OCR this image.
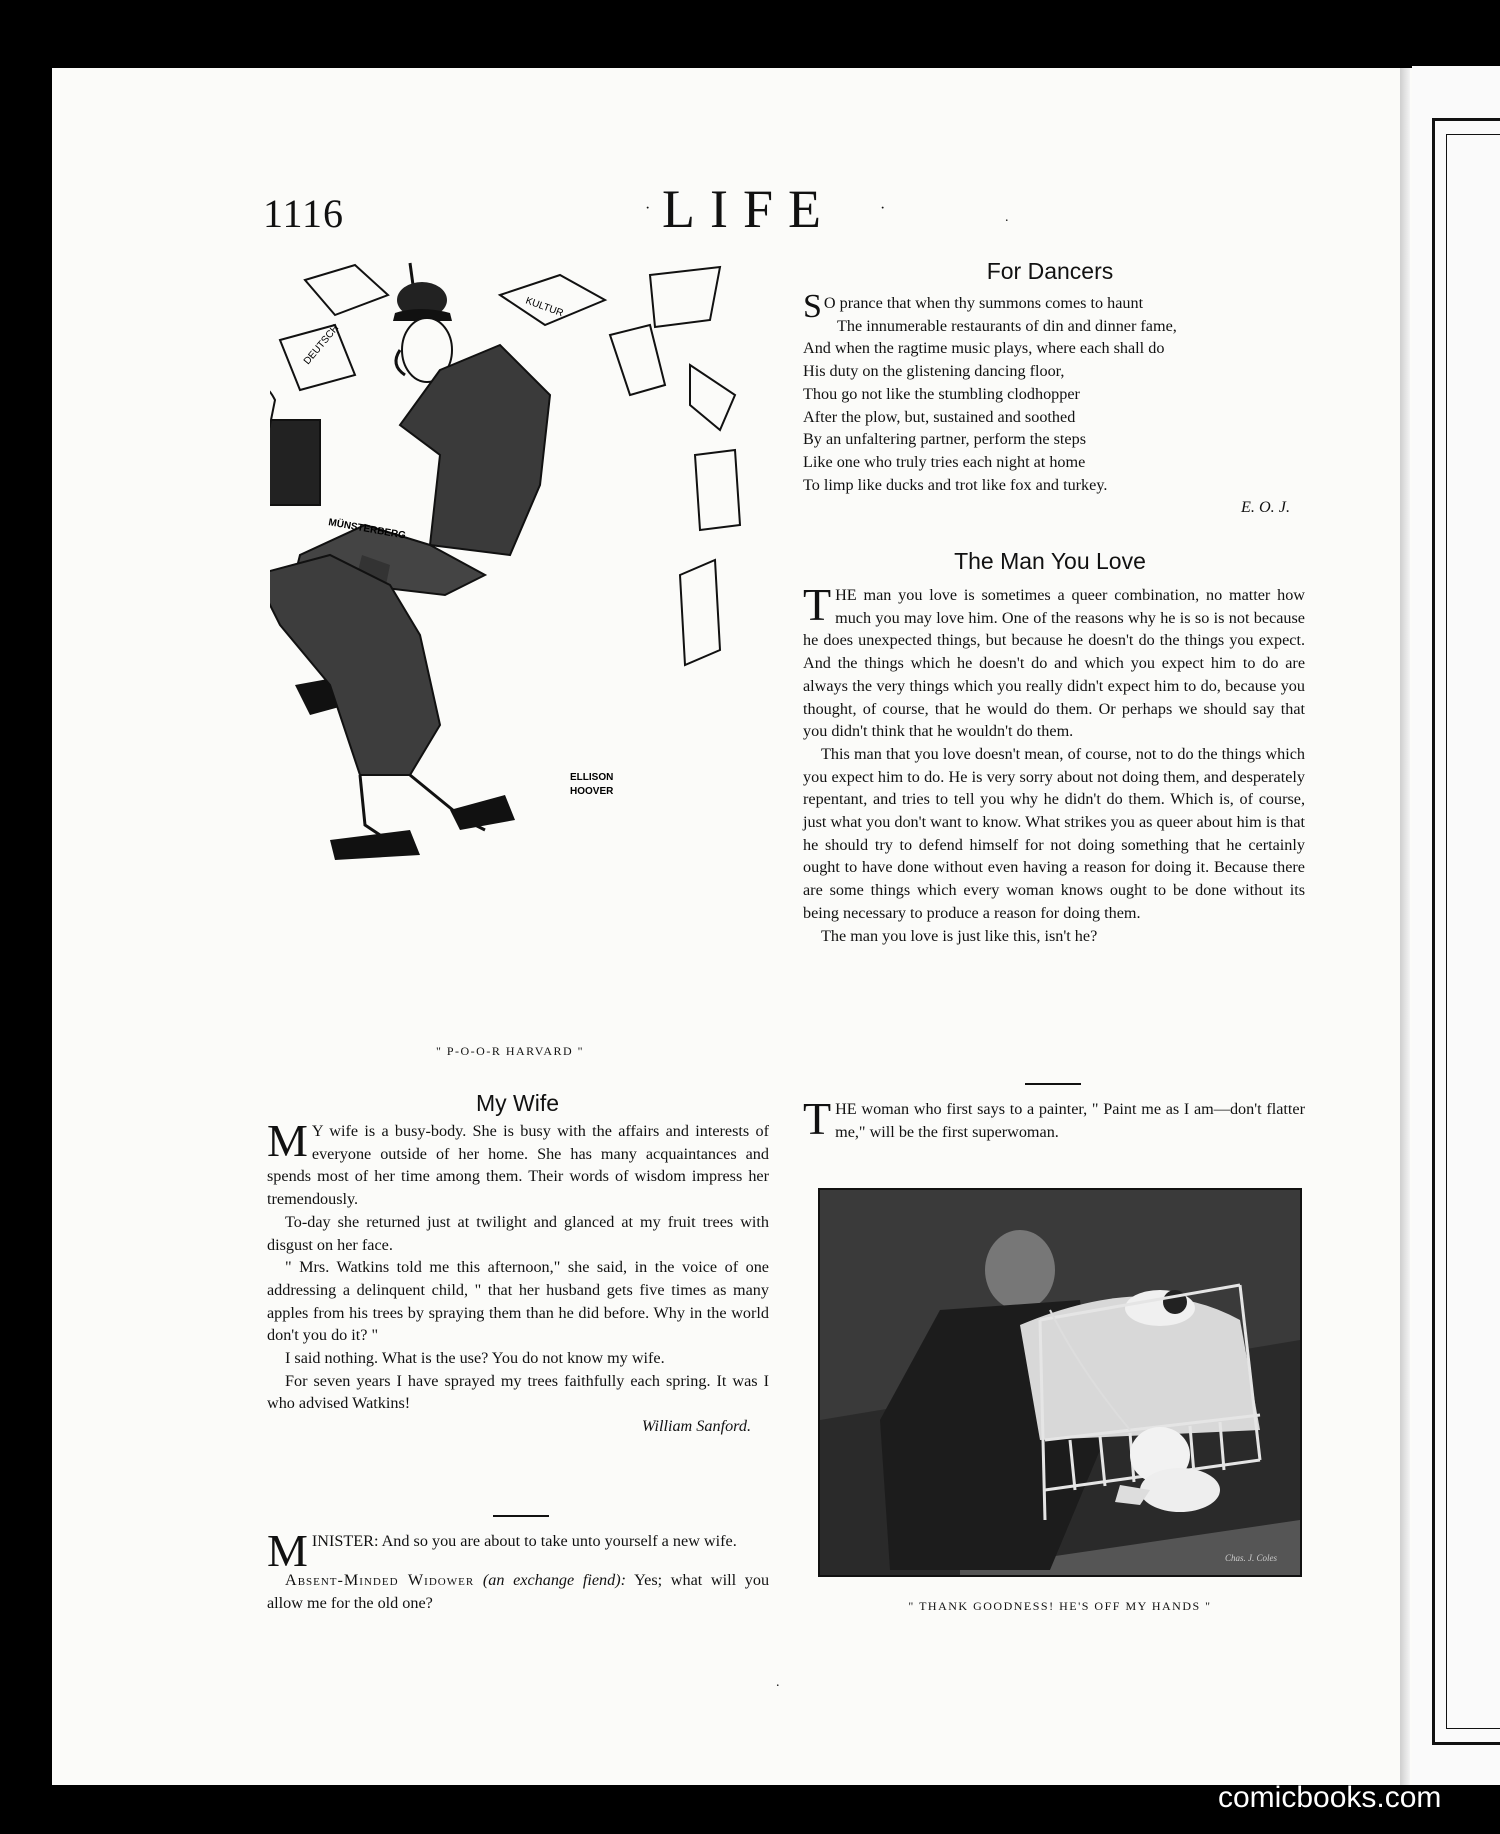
1116	· LIFE	·
DEUTSCH
KULTUR
MÜNSTERBERG
ELLISON
HOOVER
" P-O-O-R HARVARD "
For Dancers
S O prance that when thy summons comes to haunt
The innumerable restaurants of din and dinner fame,
And when the ragtime music plays, where each shall do
His duty on the glistening dancing floor,
Thou go not like the stumbling clodhopper
After the plow, but, sustained and soothed
By an unfaltering partner, perform the steps
Like one who truly tries each night at home
To limp like ducks and trot like fox and turkey.
E. O. J.
The Man You Love

THE man you love is sometimes a queer combination, no matter how much you may love him. One of the reasons why he is so is not because he does unexpected things, but because he doesn't do the things you expect. And the things which he doesn't do and which you expect him to do are always the very things which you really didn't expect him to do, because you thought, of course, that he would do them. Or perhaps we should say that you didn't think that he wouldn't do them.

This man that you love doesn't mean, of course, not to do the things which you expect him to do. He is very sorry about not doing them, and desperately repentant, and tries to tell you why he didn't do them. Which is, of course, just what you don't want to know. What strikes you as queer about him is that he should try to defend himself for not doing something that he certainly ought to have done without even having a reason for doing it. Because there are some things which every woman knows ought to be done without its being necessary to produce a reason for doing them.

The man you love is just like this, isn't he?

THE woman who first says to a painter, " Paint me as I am—don't flatter me," will be the first superwoman.

Chas. J. Coles
" THANK GOODNESS! HE'S OFF MY HANDS "
My Wife

M Y wife is a busy-body. She is busy with the affairs and interests of everyone outside of her home. She has many acquaintances and spends most of her time among them. Their words of wisdom impress her tremendously.

To-day she returned just at twilight and glanced at my fruit trees with disgust on her face.

" Mrs. Watkins told me this afternoon," she said, in the voice of one addressing a delinquent child, " that her husband gets five times as many apples from his trees by spraying them than he did before. Why in the world don't you do it? "

I said nothing. What is the use? You do not know my wife.

For seven years I have sprayed my trees faithfully each spring. It was I who advised Watkins!

William Sanford.

MINISTER: And so you are about to take unto yourself a new wife.

Absent-Minded Widower (an exchange fiend): Yes; what will you allow me for the old one?

.
.
comicbooks.com
